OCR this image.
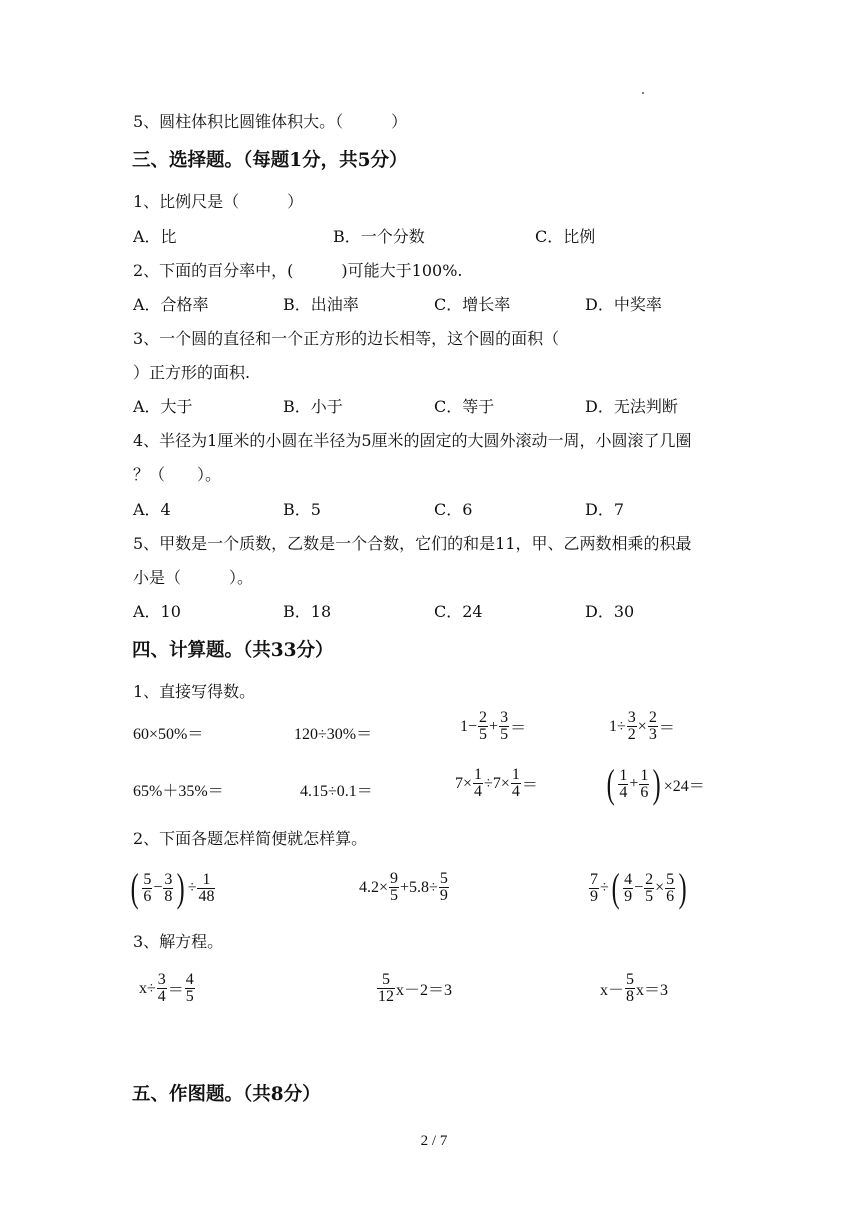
5、圆柱体积比圆锥体积大。（　　　）
三、选择题。（每题1分，共5分）
1、比例尺是（　　　）
A．比	B．一个分数	C．比例
2、下面的百分率中，(　　　)可能大于100%.
A．合格率	B．出油率	C．增长率	D．中奖率
3、一个圆的直径和一个正方形的边长相等，这个圆的面积（
）正方形的面积.
A．大于	B．小于	C．等于	D．无法判断
4、半径为1厘米的小圆在半径为5厘米的固定的大圆外滚动一周，小圆滚了几圈
？（　　）。
A．4	B．5	C．6	D．7
5、甲数是一个质数，乙数是一个合数，它们的和是11，甲、乙两数相乘的积最
小是（　　　）。
A．10	B．18	C．24	D．30
四、计算题。（共33分）
1、直接写得数。
60×50%＝	120÷30%＝	$1- \frac{2}{5} + \frac{3}{5}$ ＝	$1\div \frac{3}{2} \times \frac{2}{3}$ ＝
65%＋35%＝	4.15÷0.1＝	$7\times \frac{1}{4} \div 7\times \frac{1}{4}$ ＝ ( $\frac{1}{4} + \frac{1}{6}$ ) ×24＝
2、下面各题怎样简便就怎样算。
( $\frac{5}{6} - \frac{3}{8}$ ) ÷ $\frac{1}{48}$	$4.2\times \frac{9}{5} +5.8\div \frac{5}{9}$	$\frac{7}{9}$ ÷ ( $\frac{4}{9} - \frac{2}{5} \times \frac{5}{6}$ )
3、解方程。
$x\div \frac{3}{4} = \frac{4}{5}$	$\frac{5}{12} x-2=3$	$x- \frac{5}{8} x=3$
五、作图题。（共8分）
2 / 7
